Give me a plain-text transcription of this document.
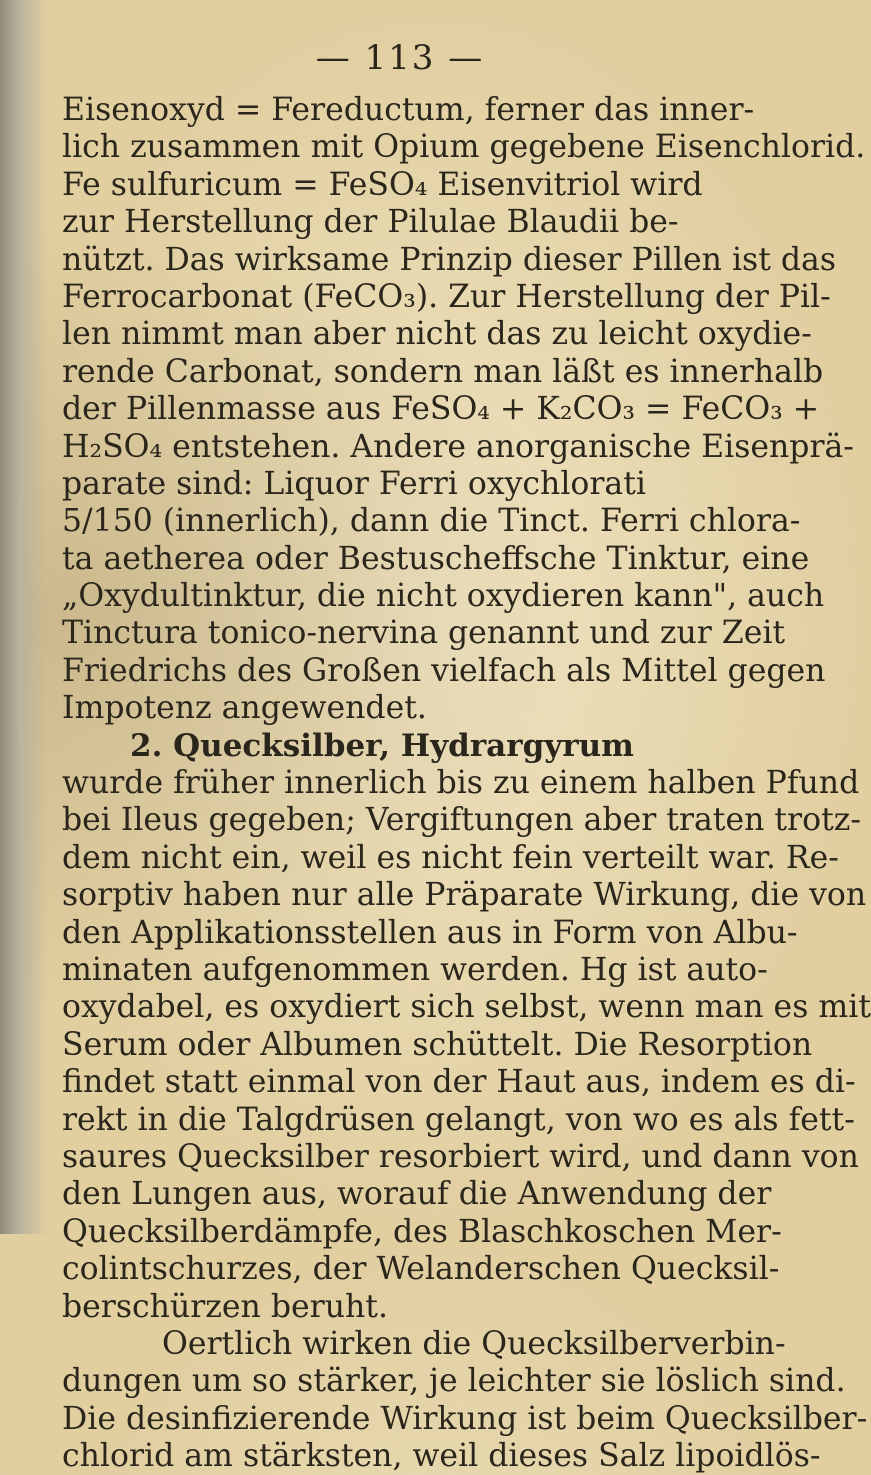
— 113 —
Eisenoxyd = Fereductum, ferner das inner-
lich zusammen mit Opium gegebene Eisenchlorid.
Fe sulfuricum = FeSO₄ Eisenvitriol wird
zur Herstellung der Pilulae Blaudii be-
nützt. Das wirksame Prinzip dieser Pillen ist das
Ferrocarbonat (FeCO₃). Zur Herstellung der Pil-
len nimmt man aber nicht das zu leicht oxydie-
rende Carbonat, sondern man läßt es innerhalb
der Pillenmasse aus FeSO₄ + K₂CO₃ = FeCO₃ +
H₂SO₄ entstehen. Andere anorganische Eisenprä-
parate sind: Liquor Ferri oxychlorati
5/150 (innerlich), dann die Tinct. Ferri chlora-
ta aetherea oder Bestuscheffsche Tinktur, eine
„Oxydultinktur, die nicht oxydieren kann", auch
Tinctura tonico-nervina genannt und zur Zeit
Friedrichs des Großen vielfach als Mittel gegen
Impotenz angewendet.
2. Quecksilber, Hydrargyrum
wurde früher innerlich bis zu einem halben Pfund
bei Ileus gegeben; Vergiftungen aber traten trotz-
dem nicht ein, weil es nicht fein verteilt war. Re-
sorptiv haben nur alle Präparate Wirkung, die von
den Applikationsstellen aus in Form von Albu-
minaten aufgenommen werden. Hg ist auto-
oxydabel, es oxydiert sich selbst, wenn man es mit
Serum oder Albumen schüttelt. Die Resorption
findet statt einmal von der Haut aus, indem es di-
rekt in die Talgdrüsen gelangt, von wo es als fett-
saures Quecksilber resorbiert wird, und dann von
den Lungen aus, worauf die Anwendung der
Quecksilberdämpfe, des Blaschkoschen Mer-
colintschurzes, der Welanderschen Quecksil-
berschürzen beruht.
Oertlich wirken die Quecksilberverbin-
dungen um so stärker, je leichter sie löslich sind.
Die desinfizierende Wirkung ist beim Quecksilber-
chlorid am stärksten, weil dieses Salz lipoidlös-
